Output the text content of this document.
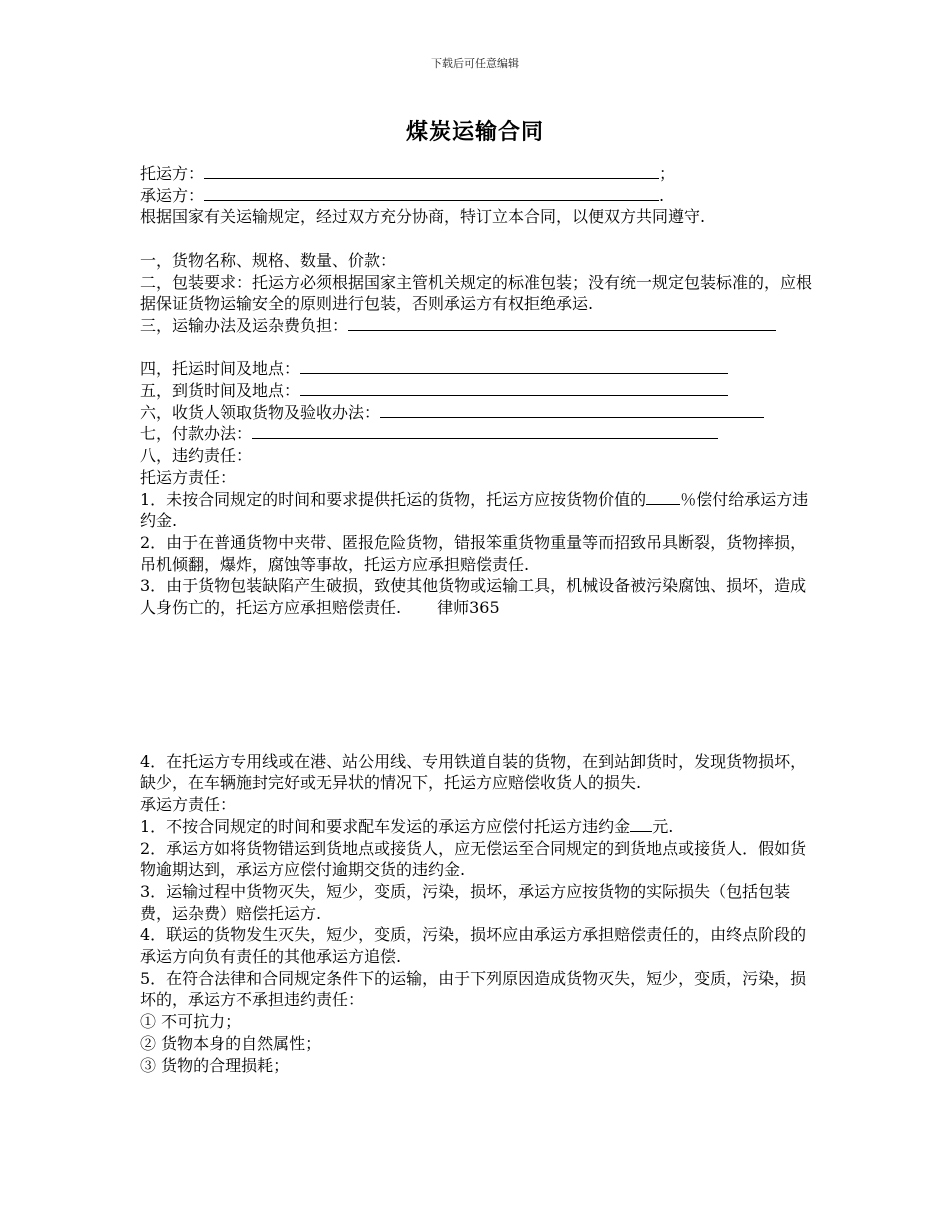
下载后可任意编辑
煤炭运输合同
托运方：	；
承运方：	.
根据国家有关运输规定，经过双方充分协商，特订立本合同，以便双方共同遵守.
一，货物名称、规格、数量、价款：
二，包装要求：托运方必须根据国家主管机关规定的标准包装；没有统一规定包装标准的，应根据保证货物运输安全的原则进行包装，否则承运方有权拒绝承运.
三，运输办法及运杂费负担：
四，托运时间及地点：
五，到货时间及地点：
六，收货人领取货物及验收办法：
七，付款办法：
八，违约责任：
托运方责任：
1．未按合同规定的时间和要求提供托运的货物，托运方应按货物价值的 ％偿付给承运方违约金.
2．由于在普通货物中夹带、匿报危险货物，错报笨重货物重量等而招致吊具断裂，货物摔损，吊机倾翻，爆炸，腐蚀等事故，托运方应承担赔偿责任.
3．由于货物包装缺陷产生破损，致使其他货物或运输工具，机械设备被污染腐蚀、损坏，造成人身伤亡的，托运方应承担赔偿责任. 律师365
4．在托运方专用线或在港、站公用线、专用铁道自装的货物，在到站卸货时，发现货物损坏，缺少，在车辆施封完好或无异状的情况下，托运方应赔偿收货人的损失.
承运方责任：
1．不按合同规定的时间和要求配车发运的承运方应偿付托运方违约金 元.
2．承运方如将货物错运到货地点或接货人，应无偿运至合同规定的到货地点或接货人．假如货物逾期达到，承运方应偿付逾期交货的违约金.
3．运输过程中货物灭失，短少，变质，污染，损坏，承运方应按货物的实际损失（包括包装费，运杂费）赔偿托运方.
4．联运的货物发生灭失，短少，变质，污染，损坏应由承运方承担赔偿责任的，由终点阶段的承运方向负有责任的其他承运方追偿.
5．在符合法律和合同规定条件下的运输，由于下列原因造成货物灭失，短少，变质，污染，损坏的，承运方不承担违约责任：
① 不可抗力；
② 货物本身的自然属性；
③ 货物的合理损耗；
